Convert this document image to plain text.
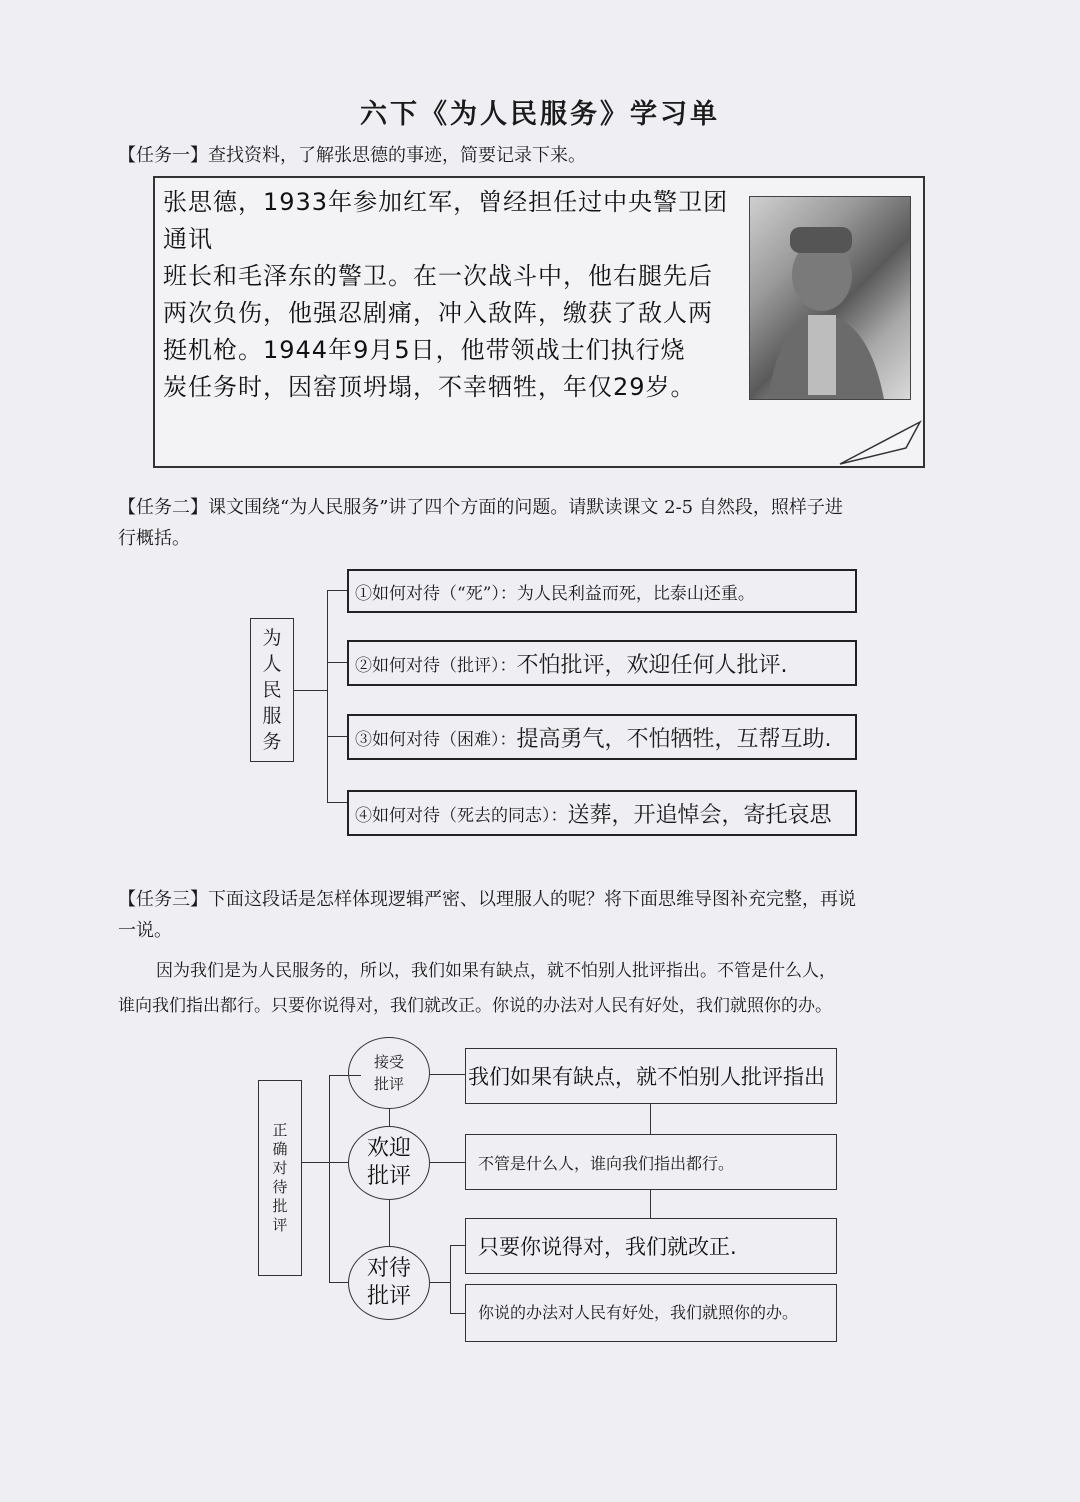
六下《为人民服务》学习单
【任务一】查找资料，了解张思德的事迹，简要记录下来。
张思德，1933年参加红军，曾经担任过中央警卫团通讯
班长和毛泽东的警卫。在一次战斗中，他右腿先后
两次负伤，他强忍剧痛，冲入敌阵，缴获了敌人两
挺机枪。1944年9月5日，他带领战士们执行烧
炭任务时，因窑顶坍塌，不幸牺牲，年仅29岁。
【任务二】课文围绕“为人民服务”讲了四个方面的问题。请默读课文 2-5 自然段，照样子进
行概括。
为
人
民
服
务
①如何对待（“死”）：为人民利益而死，比泰山还重。
②如何对待（批评）： 不怕批评，欢迎任何人批评.
③如何对待（困难）： 提高勇气，不怕牺牲，互帮互助.
④如何对待（死去的同志）： 送葬，开追悼会，寄托哀思
【任务三】下面这段话是怎样体现逻辑严密、以理服人的呢？将下面思维导图补充完整，再说
一说。
因为我们是为人民服务的，所以，我们如果有缺点，就不怕别人批评指出。不管是什么人，
谁向我们指出都行。只要你说得对，我们就改正。你说的办法对人民有好处，我们就照你的办。
正
确
对
待
批
评
接受
批评
欢迎
批评
对待
批评
我们如果有缺点，就不怕别人批评指出
不管是什么人，谁向我们指出都行。
只要你说得对，我们就改正.
你说的办法对人民有好处，我们就照你的办。
